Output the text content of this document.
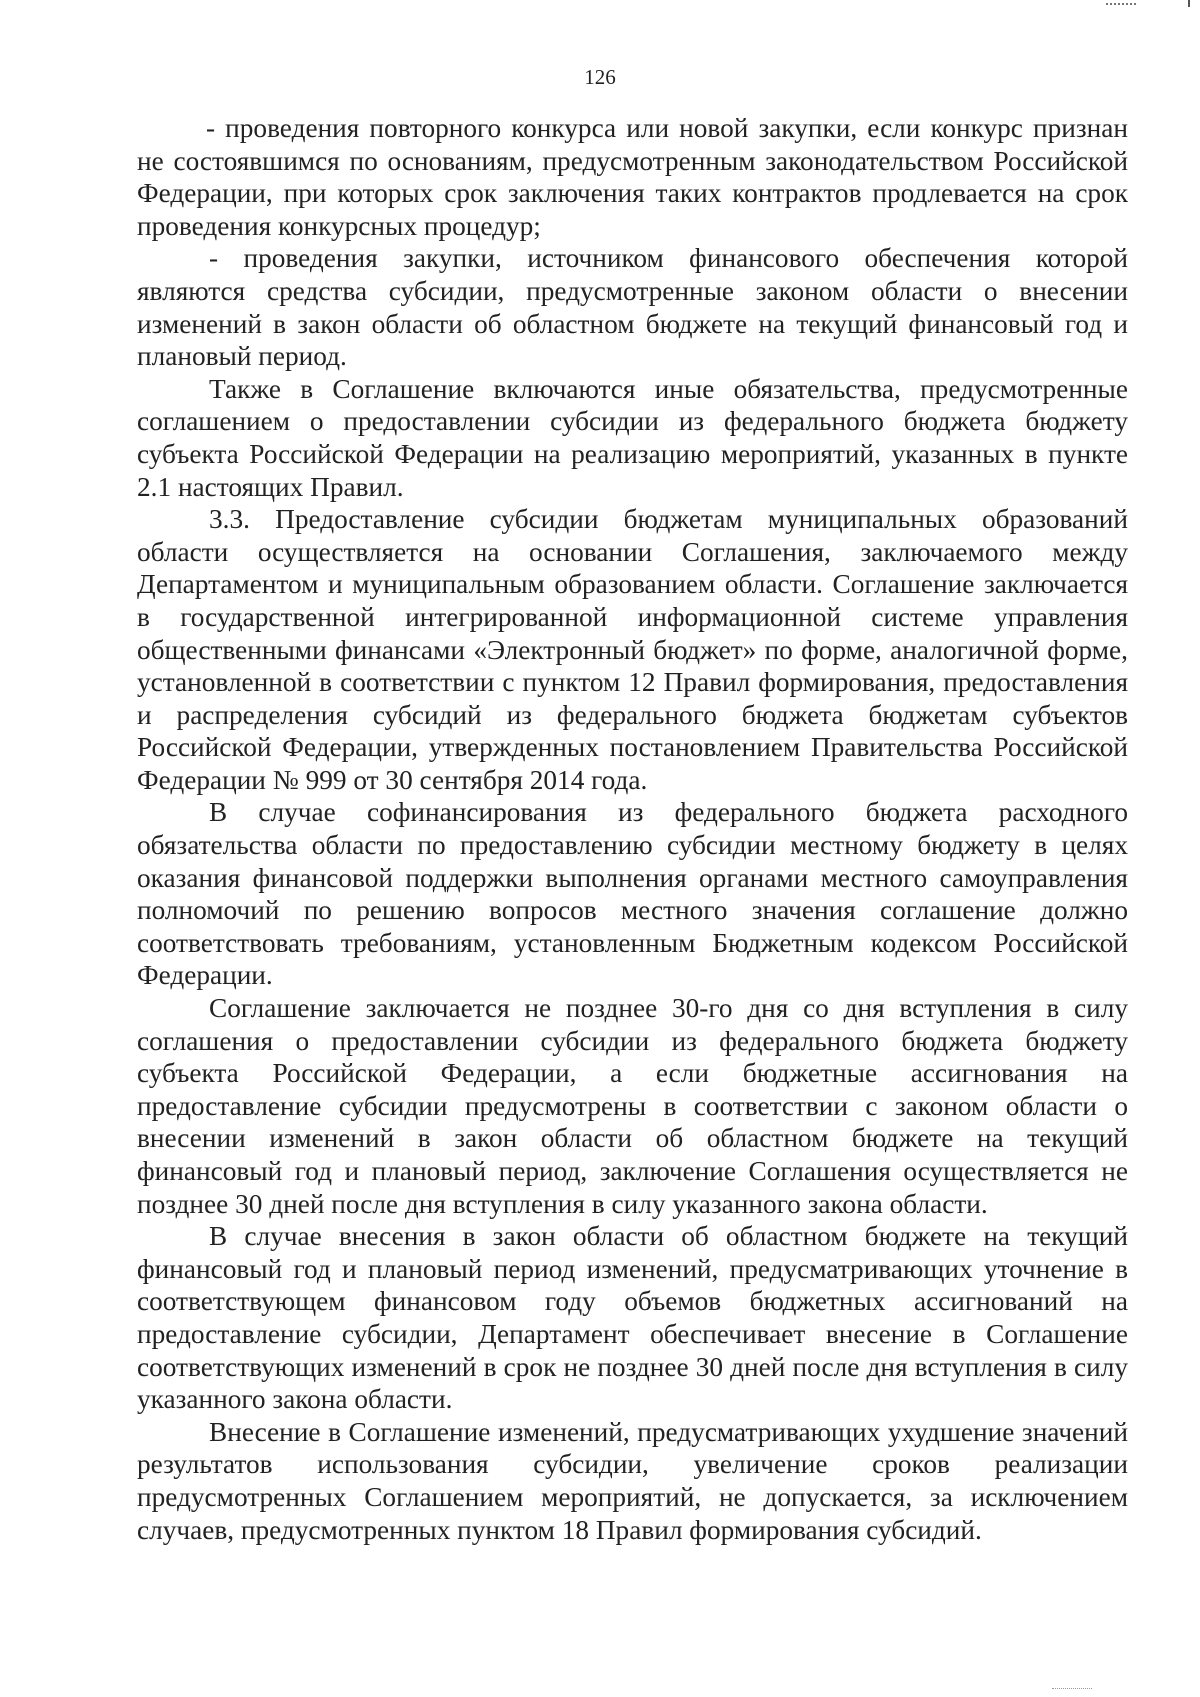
126

- проведения повторного конкурса или новой закупки, если конкурс признан не состоявшимся по основаниям, предусмотренным законодательством Российской Федерации, при которых срок заключения таких контрактов продлевается на срок проведения конкурсных процедур;

- проведения закупки, источником финансового обеспечения которой являются средства субсидии, предусмотренные законом области о внесении изменений в закон области об областном бюджете на текущий финансовый год и плановый период.

Также в Соглашение включаются иные обязательства, предусмотренные соглашением о предоставлении субсидии из федерального бюджета бюджету субъекта Российской Федерации на реализацию мероприятий, указанных в пункте 2.1 настоящих Правил.

3.3. Предоставление субсидии бюджетам муниципальных образований области осуществляется на основании Соглашения, заключаемого между Департаментом и муниципальным образованием области. Соглашение заключается в государственной интегрированной информационной системе управления общественными финансами «Электронный бюджет» по форме, аналогичной форме, установленной в соответствии с пунктом 12 Правил формирования, предоставления и распределения субсидий из федерального бюджета бюджетам субъектов Российской Федерации, утвержденных постановлением Правительства Российской Федерации № 999 от 30 сентября 2014 года.

В случае софинансирования из федерального бюджета расходного обязательства области по предоставлению субсидии местному бюджету в целях оказания финансовой поддержки выполнения органами местного самоуправления полномочий по решению вопросов местного значения соглашение должно соответствовать требованиям, установленным Бюджетным кодексом Российской Федерации.

Соглашение заключается не позднее 30-го дня со дня вступления в силу соглашения о предоставлении субсидии из федерального бюджета бюджету субъекта Российской Федерации, а если бюджетные ассигнования на предоставление субсидии предусмотрены в соответствии с законом области о внесении изменений в закон области об областном бюджете на текущий финансовый год и плановый период, заключение Соглашения осуществляется не позднее 30 дней после дня вступления в силу указанного закона области.

В случае внесения в закон области об областном бюджете на текущий финансовый год и плановый период изменений, предусматривающих уточнение в соответствующем финансовом году объемов бюджетных ассигнований на предоставление субсидии, Департамент обеспечивает внесение в Соглашение соответствующих изменений в срок не позднее 30 дней после дня вступления в силу указанного закона области.

Внесение в Соглашение изменений, предусматривающих ухудшение значений результатов использования субсидии, увеличение сроков реализации предусмотренных Соглашением мероприятий, не допускается, за исключением случаев, предусмотренных пунктом 18 Правил формирования субсидий.
